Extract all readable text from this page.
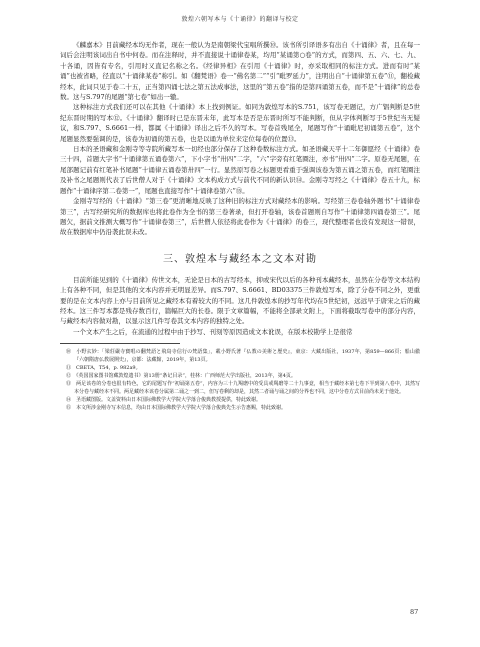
敦煌六朝写本与《十诵律》的翻译与校定

《麟嘉本》目前藏经本均无作者，现在一般认为是南朝梁代宝唱所撰⑩。该书所引译语多有出自《十诵律》者，且在每一词后会注明该词出自书中何卷。而在注释时，并不直接说十诵律卷某，均用“某诵第○卷”的方式，而第四、五、六、七、九、十各诵，因皆有专名，引用时又直记名称之名。《经律异相》在引用《十诵律》时，亦采取相同的标注方式。进而有时“某诵”也被省略，径直以“十诵律某卷”称引。如《翻梵语》卷一“佛名第二”“引“毗罗延力”，注明出自“十诵律第五卷”⑪，翻检藏经本，此词只见于卷二十五，正当第四诵七法之第五法成事法，这里的“第五卷”指的是第四诵第五卷，而不是“十诵律”的总卷数。这与S.797的尾题“第七卷”如出一辙。

这种标注方式我们还可以在其他《十诵律》本上找到例证。如同为敦煌写本的S.751，该写卷无题记，方广锠判断是5世纪东晋时期的写本⑫。《十诵律》翻译时已是东晋末年，此写本是否是东晋时所写不能判断，但从字体判断写于5世纪当无疑议，和S.797、S.6661一样，都属《十诵律》译出之后不久的写本。写卷首残尾全，尾题写作“十诵毗尼初诵第五卷”，这个尾题显然要强调的是，该卷为初诵的第五卷，也是以诵为单位来定位每卷的位置⑬。

日本的圣语藏和金刚寺等寺院所藏写本一切经也部分保存了这种卷数标注方式。如圣语藏天平十二年御愿经《十诵律》卷三十四，首题大字书“十诵律第五诵卷第六”，下小字书“卅四”二字，“六”字旁有红笔圈注，亦书“卅四”二字。原卷无尾题，在尾部题记前有红笔补书尾题“十诵律五诵卷第卅四”一行。显然原写卷之标题更看重于强调该卷为第五诵之第五卷，而红笔圈注及补书之尾题则代表了后世僧人对于《十诵律》文本构成方式与前代不同的新认识⑭。金刚寺写经之《十诵律》卷五十九，标题作“十诵律序第二卷第一”，尾题也直接写作“十诵律卷第六”⑮。

金刚寺写经的《十诵律》“第三卷”更清晰地反映了这种旧的标注方式对藏经本的影响。写经第三卷卷轴外题书“十诵律卷第三”，古写经研究所的数据库也将此卷作为全书的第三卷著录，但打开卷轴，该卷首题则自写作“十诵律第四诵卷第三”。尾题欠，据前文推测大概写作“十诵律卷第三”，后世僧人依径将此卷作为《十诵律》的卷三，现代整理者也没有发现这一错误，故在数据库中仍沿袭此误未改。

三、敦煌本与藏经本之文本对勘

目前所能见到的《十诵律》传世文本，无论是日本的古写经本，抑或宋代以后的各种刊本藏经本，虽然在分卷等文本结构上有各种不同，但是其他的文本内容并无明显差异。而S.797、S.6661、BD03375三件敦煌写本，除了分卷不同之外，更重要的是在文本内容上亦与目前所见之藏经本有着较大的不同。这几件敦煌本的抄写年代均在5世纪初，远远早于唐宋之后的藏经本。这三件写本都是残存数百行，篇幅巨大的长卷。限于文章篇幅，不能将全部录文附上，下面将截取写卷中的部分内容，与藏经本内容做对勘，以显示这几件写卷其文本内容的独特之处。

一个文本产生之后，在流通的过程中由于抄写、刊刻等原因造成文本讹误，在版本校勘学上是很常

⑩　小野玄妙：「梁莊嚴寺寶唱の翻梵語と飛鳥寺信行の梵語集」，載小野氏著『仏教の美術と歴史』，東京：大藏出版社，1937年，第859—866頁；船山徹『六朝隋唐仏教展開史』，京都：法藏館，2019年，第13頁。

⑪　CBETA，T54，p. 982a9。

⑫　《英国国家图书馆藏敦煌遗书》第13册“条记目录”，桂林：广西师范大学出版社，2013年，第4页。

⑬　两足该卷的分卷也很有特色，它的尾题写作“初诵第五卷”，内容为三十九羯磨中的受具戒羯磨等二十九事竟，相当于藏经本第七卷下半到第八卷中，其然写本分卷与藏经本不同。两足藏经本该卷分属第二诵之一到二，但写卷剩的却是，其然二者诵与诵之间的分界也不同，这中分卷方式目前尚未见于他处。

⑭　圣语藏图版。文盖资料由日本国际佛教学大学院大学落合俊典教授提供，特此致谢。

⑮　本文所涉金刚寺写本信息，均由日本国际佛教学大学院大学落合俊典先生示告惠赐，特此致谢。

87
